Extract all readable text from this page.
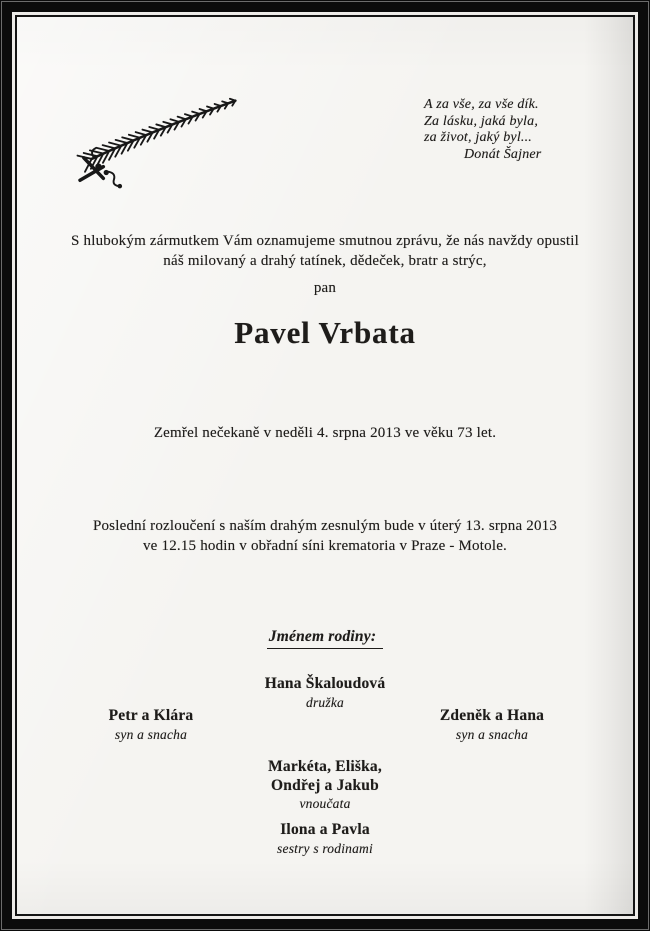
A za vše, za vše dík.
Za lásku, jaká byla,
za život, jaký byl...
Donát Šajner
S hlubokým zármutkem Vám oznamujeme smutnou zprávu, že nás navždy opustil
náš milovaný a drahý tatínek, dědeček, bratr a strýc,
pan
Pavel Vrbata
Zemřel nečekaně v neděli 4. srpna 2013 ve věku 73 let.
Poslední rozloučení s naším drahým zesnulým bude v úterý 13. srpna 2013
ve 12.15 hodin v obřadní síni krematoria v Praze - Motole.
Jménem rodiny:
Hana Škaloudová
družka
Petr a Klára
syn a snacha
Zdeněk a Hana
syn a snacha
Markéta, Eliška,
Ondřej a Jakub
vnoučata
Ilona a Pavla
sestry s rodinami
